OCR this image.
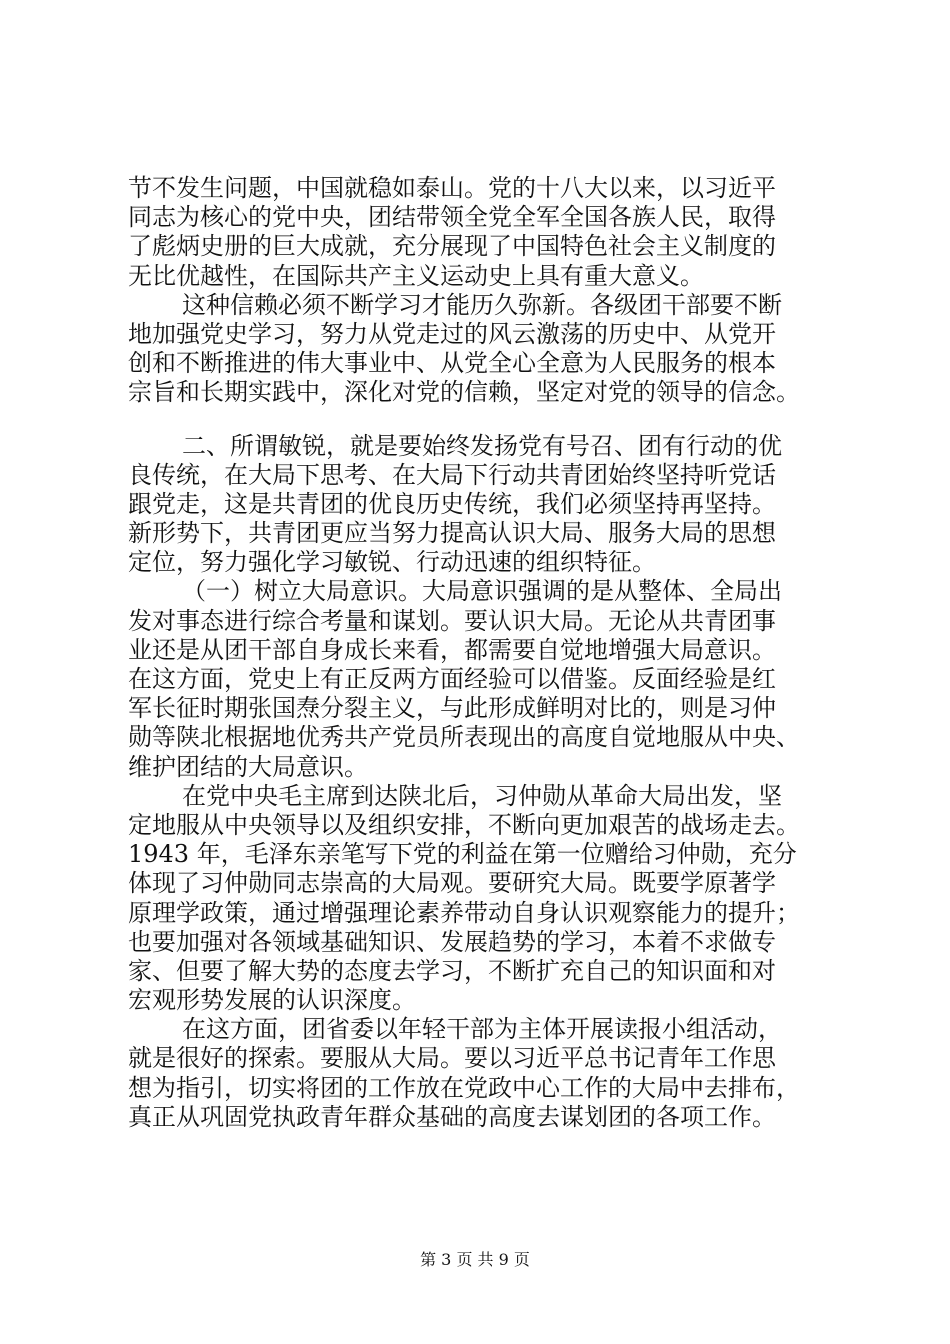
节不发生问题，中国就稳如泰山。党的十八大以来，以习近平
同志为核心的党中央，团结带领全党全军全国各族人民，取得
了彪炳史册的巨大成就，充分展现了中国特色社会主义制度的
无比优越性，在国际共产主义运动史上具有重大意义。
这种信赖必须不断学习才能历久弥新。各级团干部要不断
地加强党史学习，努力从党走过的风云激荡的历史中、从党开
创和不断推进的伟大事业中、从党全心全意为人民服务的根本
宗旨和长期实践中，深化对党的信赖，坚定对党的领导的信念。
二、所谓敏锐，就是要始终发扬党有号召、团有行动的优
良传统，在大局下思考、在大局下行动共青团始终坚持听党话
跟党走，这是共青团的优良历史传统，我们必须坚持再坚持。
新形势下，共青团更应当努力提高认识大局、服务大局的思想
定位，努力强化学习敏锐、行动迅速的组织特征。
（一）树立大局意识。大局意识强调的是从整体、全局出
发对事态进行综合考量和谋划。要认识大局。无论从共青团事
业还是从团干部自身成长来看，都需要自觉地增强大局意识。
在这方面，党史上有正反两方面经验可以借鉴。反面经验是红
军长征时期张国焘分裂主义，与此形成鲜明对比的，则是习仲
勋等陕北根据地优秀共产党员所表现出的高度自觉地服从中央、
维护团结的大局意识。
在党中央毛主席到达陕北后，习仲勋从革命大局出发，坚
定地服从中央领导以及组织安排，不断向更加艰苦的战场走去。
1943 年，毛泽东亲笔写下党的利益在第一位赠给习仲勋，充分
体现了习仲勋同志崇高的大局观。要研究大局。既要学原著学
原理学政策，通过增强理论素养带动自身认识观察能力的提升；
也要加强对各领域基础知识、发展趋势的学习，本着不求做专
家、但要了解大势的态度去学习，不断扩充自己的知识面和对
宏观形势发展的认识深度。
在这方面，团省委以年轻干部为主体开展读报小组活动，
就是很好的探索。要服从大局。要以习近平总书记青年工作思
想为指引，切实将团的工作放在党政中心工作的大局中去排布，
真正从巩固党执政青年群众基础的高度去谋划团的各项工作。
第 3 页 共 9 页
